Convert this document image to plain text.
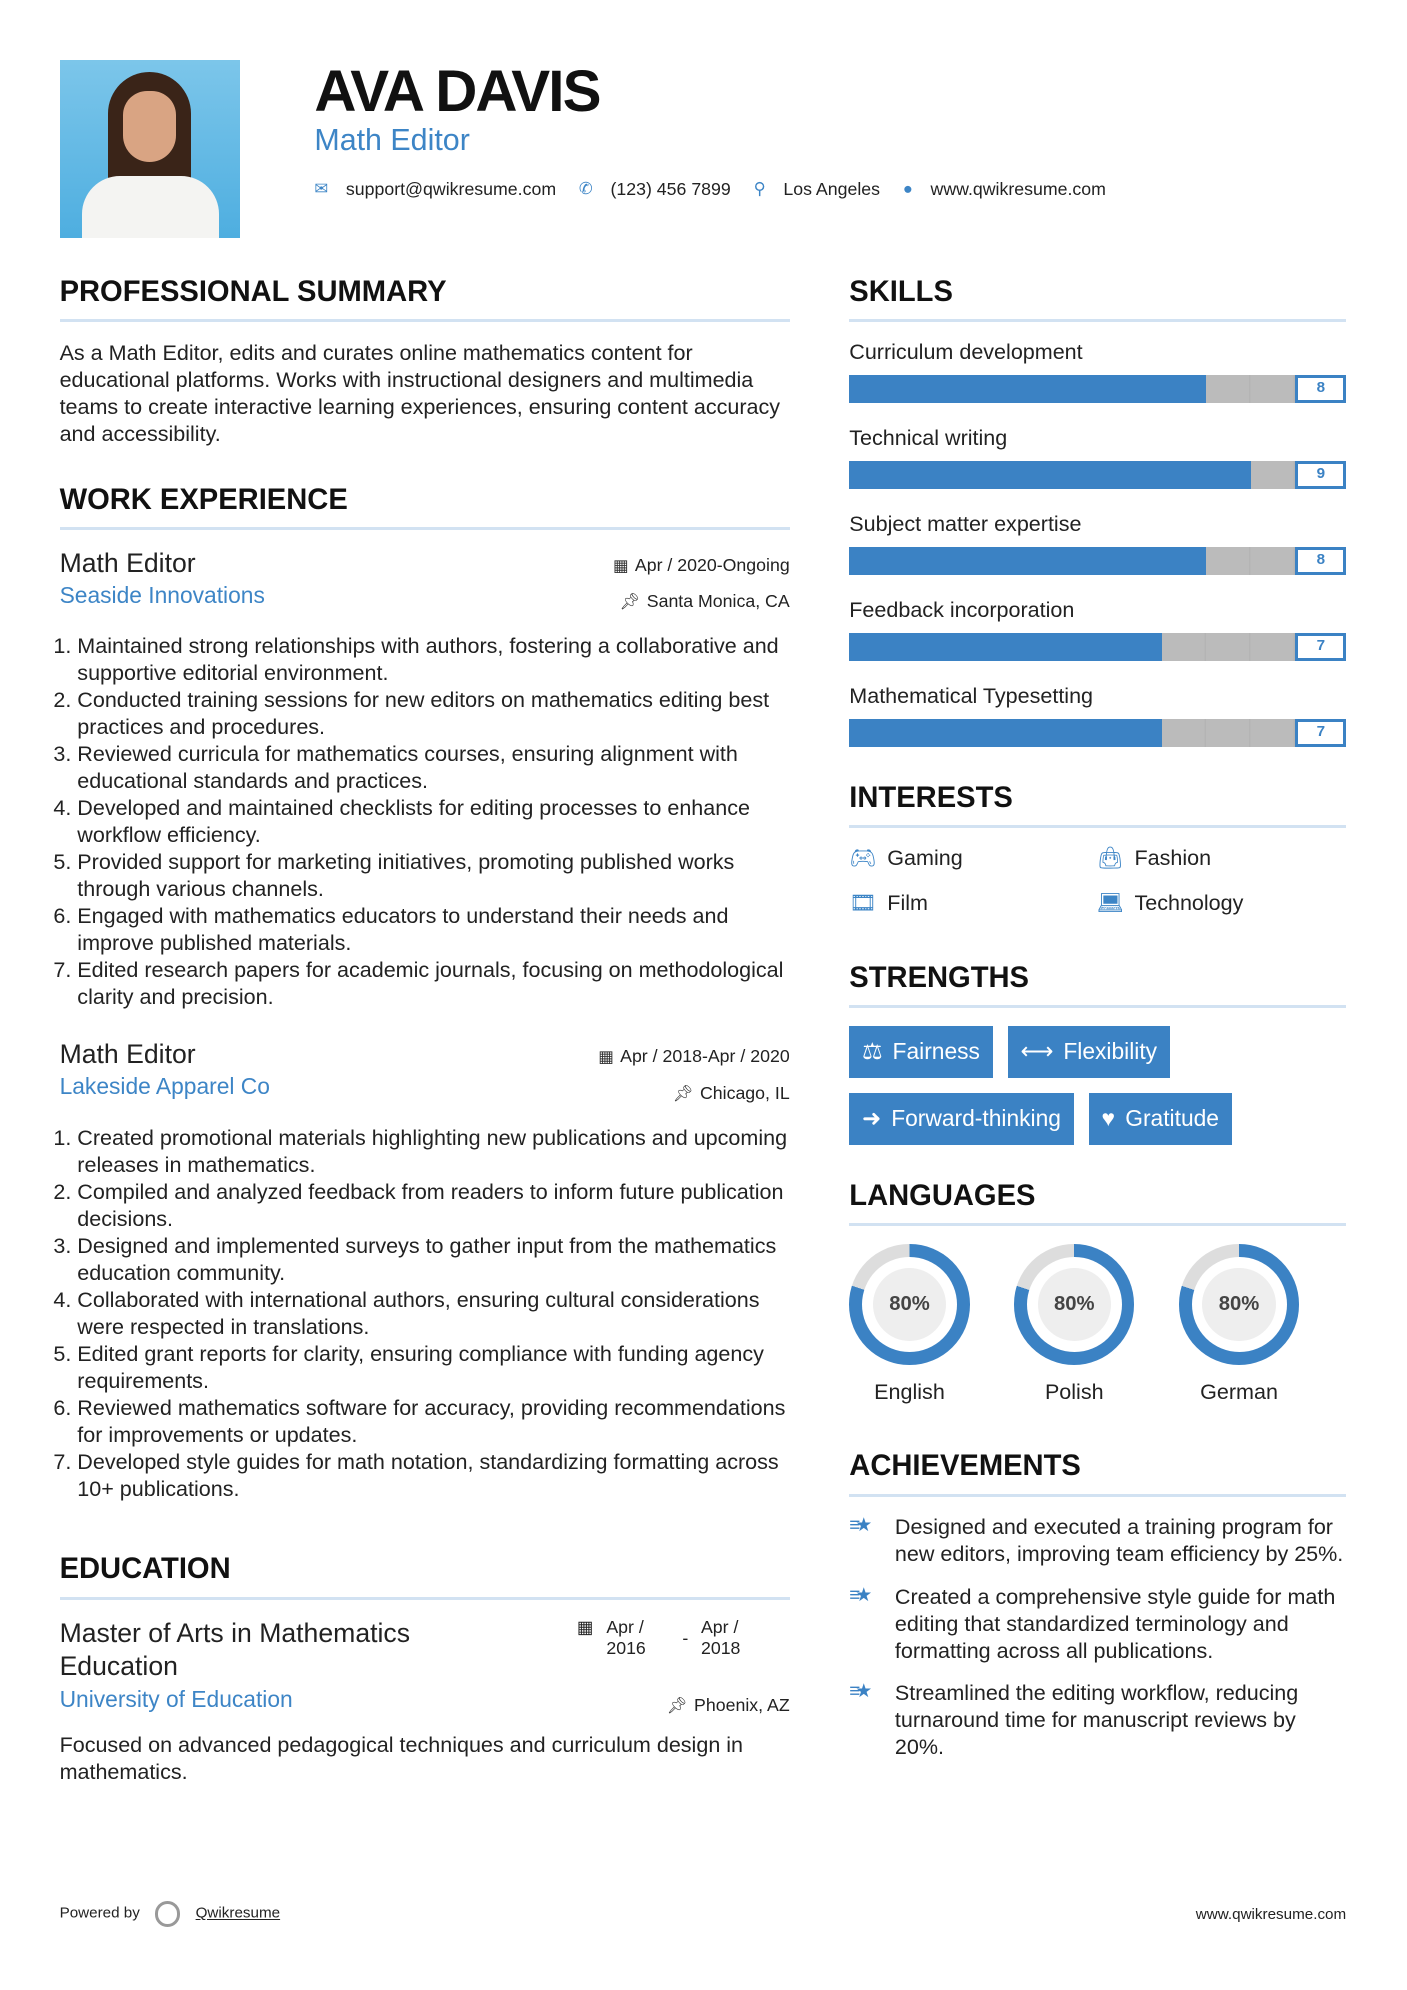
AVA DAVIS
Math Editor
✉ support@qwikresume.com ✆ (123) 456 7899 ⚲ Los Angeles ● www.qwikresume.com
PROFESSIONAL SUMMARY

As a Math Editor, edits and curates online mathematics content for educational platforms. Works with instructional designers and multimedia teams to create interactive learning experiences, ensuring content accuracy and accessibility.

WORK EXPERIENCE
Math Editor	▦ Apr / 2020-Ongoing
Seaside Innovations	📌︎ Santa Monica, CA
1. Maintained strong relationships with authors, fostering a collaborative and supportive editorial environment.
2. Conducted training sessions for new editors on mathematics editing best practices and procedures.
3. Reviewed curricula for mathematics courses, ensuring alignment with educational standards and practices.
4. Developed and maintained checklists for editing processes to enhance workflow efficiency.
5. Provided support for marketing initiatives, promoting published works through various channels.
6. Engaged with mathematics educators to understand their needs and improve published materials.
7. Edited research papers for academic journals, focusing on methodological clarity and precision.
Math Editor	▦ Apr / 2018-Apr / 2020
Lakeside Apparel Co	📌︎ Chicago, IL
1. Created promotional materials highlighting new publications and upcoming releases in mathematics.
2. Compiled and analyzed feedback from readers to inform future publication decisions.
3. Designed and implemented surveys to gather input from the mathematics education community.
4. Collaborated with international authors, ensuring cultural considerations were respected in translations.
5. Edited grant reports for clarity, ensuring compliance with funding agency requirements.
6. Reviewed mathematics software for accuracy, providing recommendations for improvements or updates.
7. Developed style guides for math notation, standardizing formatting across 10+ publications.
EDUCATION
Master of Arts in Mathematics Education
▦ Apr / 2016
-
Apr / 2018
University of Education	📌︎ Phoenix, AZ

Focused on advanced pedagogical techniques and curriculum design in mathematics.

SKILLS
Curriculum development
8
Technical writing
9
Subject matter expertise
8
Feedback incorporation
7
Mathematical Typesetting
7
INTERESTS
🎮︎ Gaming	👜︎ Fashion
🎞︎ Film	💻︎ Technology
STRENGTHS
⚖ Fairness ⟷ Flexibility
➜ Forward-thinking ♥ Gratitude
LANGUAGES
80%
English
80%
Polish
80%
German
ACHIEVEMENTS
≡★	Designed and executed a training program for new editors, improving team efficiency by 25%.

≡★	Created a comprehensive style guide for math editing that standardized terminology and formatting across all publications.

≡★	Streamlined the editing workflow, reducing turnaround time for manuscript reviews by 20%.

Powered by	Qwikresume	www.qwikresume.com
